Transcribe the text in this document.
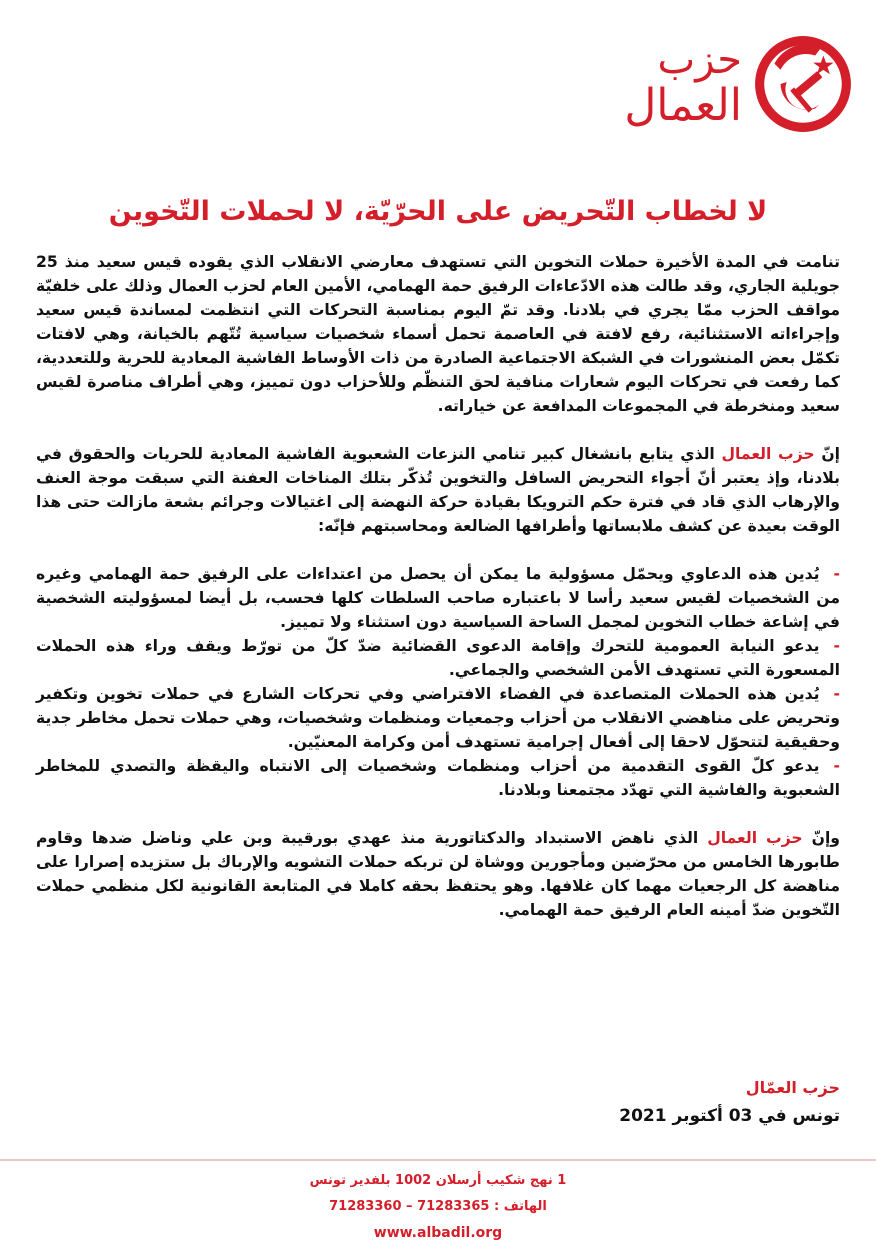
حزب
العمال
لا لخطاب التّحريض على الحرّيّة، لا لحملات التّخوين

تنامت في المدة الأخيرة حملات التخوين التي تستهدف معارضي الانقلاب الذي يقوده قيس سعيد منذ 25 جويلية الجاري، وقد طالت هذه الادّعاءات الرفيق حمة الهمامي، الأمين العام لحزب العمال وذلك على خلفيّة مواقف الحزب ممّا يجري في بلادنا. وقد تمّ اليوم بمناسبة التحركات التي انتظمت لمساندة قيس سعيد وإجراءاته الاستثنائية، رفع لافتة في العاصمة تحمل أسماء شخصيات سياسية تُتّهم بالخيانة، وهي لافتات تكمّل بعض المنشورات في الشبكة الاجتماعية الصادرة من ذات الأوساط الفاشية المعادية للحرية وللتعددية، كما رفعت في تحركات اليوم شعارات منافية لحق التنظّم وللأحزاب دون تمييز، وهي أطراف مناصرة لقيس سعيد ومنخرطة في المجموعات المدافعة عن خياراته.

إنّ حزب العمال الذي يتابع بانشغال كبير تنامي النزعات الشعبوية الفاشية المعادية للحريات والحقوق في بلادنا، وإذ يعتبر أنّ أجواء التحريض السافل والتخوين تُذكّر بتلك المناخات العفنة التي سبقت موجة العنف والإرهاب الذي قاد في فترة حكم الترويكا بقيادة حركة النهضة إلى اغتيالات وجرائم بشعة مازالت حتى هذا الوقت بعيدة عن كشف ملابساتها وأطرافها الضالعة ومحاسبتهم فإنّه:

-يُدين هذه الدعاوي ويحمّل مسؤولية ما يمكن أن يحصل من اعتداءات على الرفيق حمة الهمامي وغيره من الشخصيات لقيس سعيد رأسا لا باعتباره صاحب السلطات كلها فحسب، بل أيضا لمسؤوليته الشخصية في إشاعة خطاب التخوين لمجمل الساحة السياسية دون استثناء ولا تمييز.

-يدعو النيابة العمومية للتحرك وإقامة الدعوى القضائية ضدّ كلّ من تورّط ويقف وراء هذه الحملات المسعورة التي تستهدف الأمن الشخصي والجماعي.

-يُدين هذه الحملات المتصاعدة في الفضاء الافتراضي وفي تحركات الشارع في حملات تخوين وتكفير وتحريض على مناهضي الانقلاب من أحزاب وجمعيات ومنظمات وشخصيات، وهي حملات تحمل مخاطر جدية وحقيقية لتتحوّل لاحقا إلى أفعال إجرامية تستهدف أمن وكرامة المعنيّين.

-يدعو كلّ القوى التقدمية من أحزاب ومنظمات وشخصيات إلى الانتباه واليقظة والتصدي للمخاطر الشعبوية والفاشية التي تهدّد مجتمعنا وبلادنا.

وإنّ حزب العمال الذي ناهض الاستبداد والدكتاتورية منذ عهدي بورقيبة وبن علي وناضل ضدها وقاوم طابورها الخامس من محرّضين ومأجورين ووشاة لن تربكه حملات التشويه والإرباك بل ستزيده إصرارا على مناهضة كل الرجعيات مهما كان غلافها. وهو يحتفظ بحقه كاملا في المتابعة القانونية لكل منظمي حملات التّخوين ضدّ أمينه العام الرفيق حمة الهمامي.

حزب العمّال
تونس في 03 أكتوبر 2021
1 نهج شكيب أرسلان 1002 بلفدير تونس
الهاتف : 71283365 – 71283360
www.albadil.org
